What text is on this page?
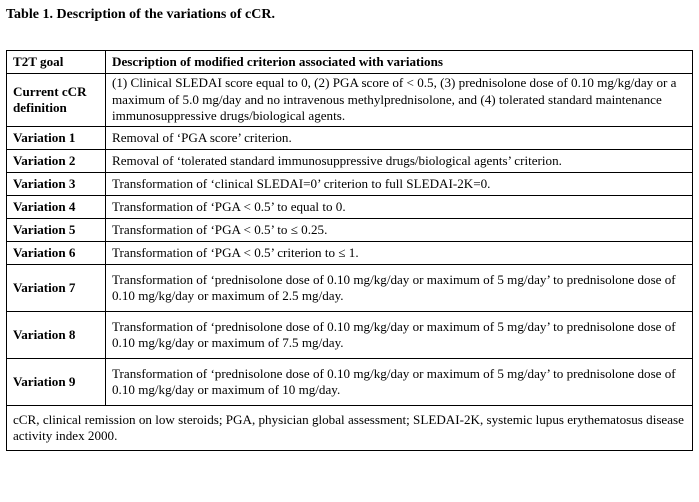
Table 1. Description of the variations of cCR.
T2T goal	Description of modified criterion associated with variations
Current cCR definition	(1) Clinical SLEDAI score equal to 0, (2) PGA score of < 0.5, (3) prednisolone dose of 0.10 mg/kg/day or a maximum of 5.0 mg/day and no intravenous methylprednisolone, and (4) tolerated standard maintenance immunosuppressive drugs/biological agents.
Variation 1	Removal of ‘PGA score’ criterion.
Variation 2	Removal of ‘tolerated standard immunosuppressive drugs/biological agents’ criterion.
Variation 3	Transformation of ‘clinical SLEDAI=0’ criterion to full SLEDAI-2K=0.
Variation 4	Transformation of ‘PGA < 0.5’ to equal to 0.
Variation 5	Transformation of ‘PGA < 0.5’ to ≤ 0.25.
Variation 6	Transformation of ‘PGA < 0.5’ criterion to ≤ 1.
Variation 7	Transformation of ‘prednisolone dose of 0.10 mg/kg/day or maximum of 5 mg/day’ to prednisolone dose of 0.10 mg/kg/day or maximum of 2.5 mg/day.
Variation 8	Transformation of ‘prednisolone dose of 0.10 mg/kg/day or maximum of 5 mg/day’ to prednisolone dose of 0.10 mg/kg/day or maximum of 7.5 mg/day.
Variation 9	Transformation of ‘prednisolone dose of 0.10 mg/kg/day or maximum of 5 mg/day’ to prednisolone dose of 0.10 mg/kg/day or maximum of 10 mg/day.
cCR, clinical remission on low steroids; PGA, physician global assessment; SLEDAI-2K, systemic lupus erythematosus disease activity index 2000.	
